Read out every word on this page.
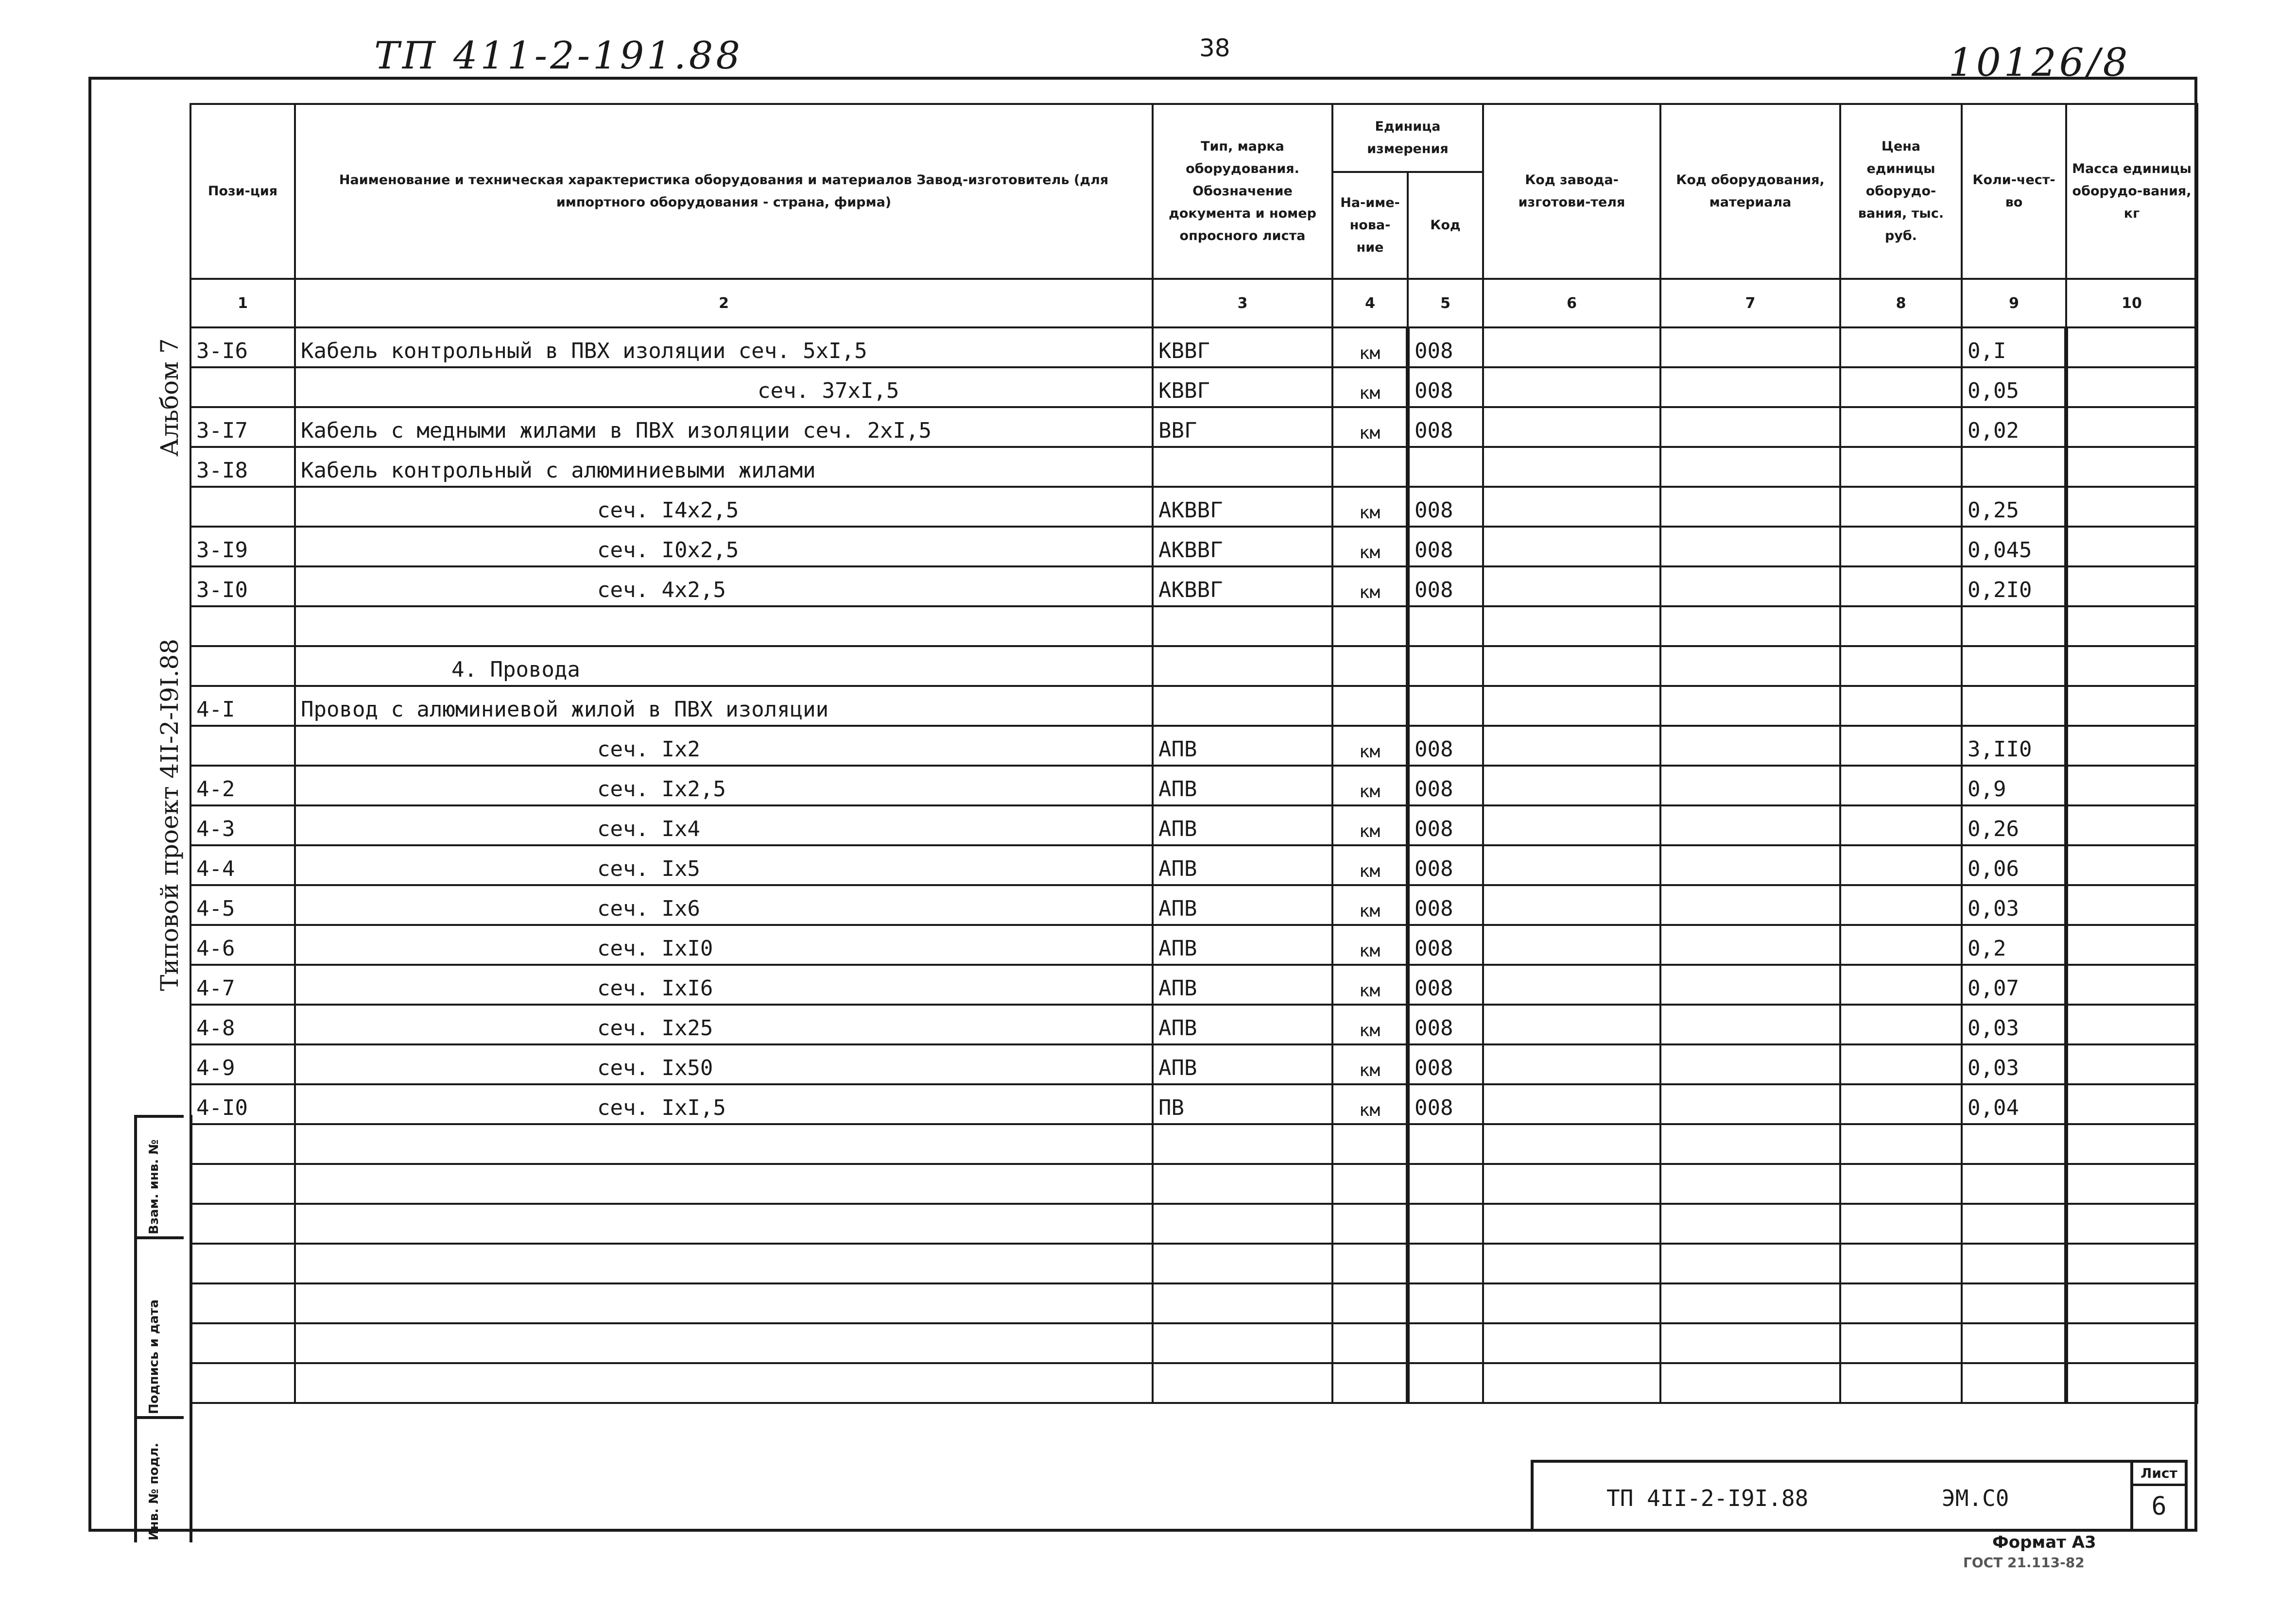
ТП 411-2-191.88	38	10126/8
Взам. инв. №
Подпись и дата
Инв. № подл.
Альбом 7
Типовой проект 4II-2-I9I.88
Пози-ция	Наименование и техническая характеристика оборудования и материалов Завод-изготовитель (для импортного оборудования - страна, фирма)	Тип, марка оборудования. Обозначение документа и номер опросного листа	Единица измерения		Код завода-изготови-теля	Код оборудования, материала	Цена единицы оборудо-вания, тыс. руб.	Коли-чест-во	Масса единицы оборудо-вания, кг
			На-име-нова-ние	Код					
1	2	3	4	5	6	7	8	9	10
3-I6	Кабель контрольный в ПВХ изоляции сеч. 5хI,5	КВВГ	км	008				0,I	
	сеч. 37хI,5	КВВГ	км	008				0,05	
3-I7	Кабель с медными жилами в ПВХ изоляции сеч. 2хI,5	ВВГ	км	008				0,02	
3-I8	Кабель контрольный с алюминиевыми жилами								
	сеч. I4х2,5	АКВВГ	км	008				0,25	
3-I9	сеч. I0х2,5	АКВВГ	км	008				0,045	
3-I0	сеч. 4х2,5	АКВВГ	км	008				0,2I0	

	4. Провода								
4-I	Провод с алюминиевой жилой в ПВХ изоляции								
	сеч. Iх2	АПВ	км	008				3,II0	
4-2	сеч. Iх2,5	АПВ	км	008				0,9	
4-3	сеч. Iх4	АПВ	км	008				0,26	
4-4	сеч. Iх5	АПВ	км	008				0,06	
4-5	сеч. Iх6	АПВ	км	008				0,03	
4-6	сеч. IхI0	АПВ	км	008				0,2	
4-7	сеч. IхI6	АПВ	км	008				0,07	
4-8	сеч. Iх25	АПВ	км	008				0,03	
4-9	сеч. Iх50	АПВ	км	008				0,03	
4-I0	сеч. IхI,5	ПВ	км	008				0,04	

ТП 4II-2-I9I.88	ЭМ.С0
Лист
6
Формат А3
ГОСТ 21.113-82
